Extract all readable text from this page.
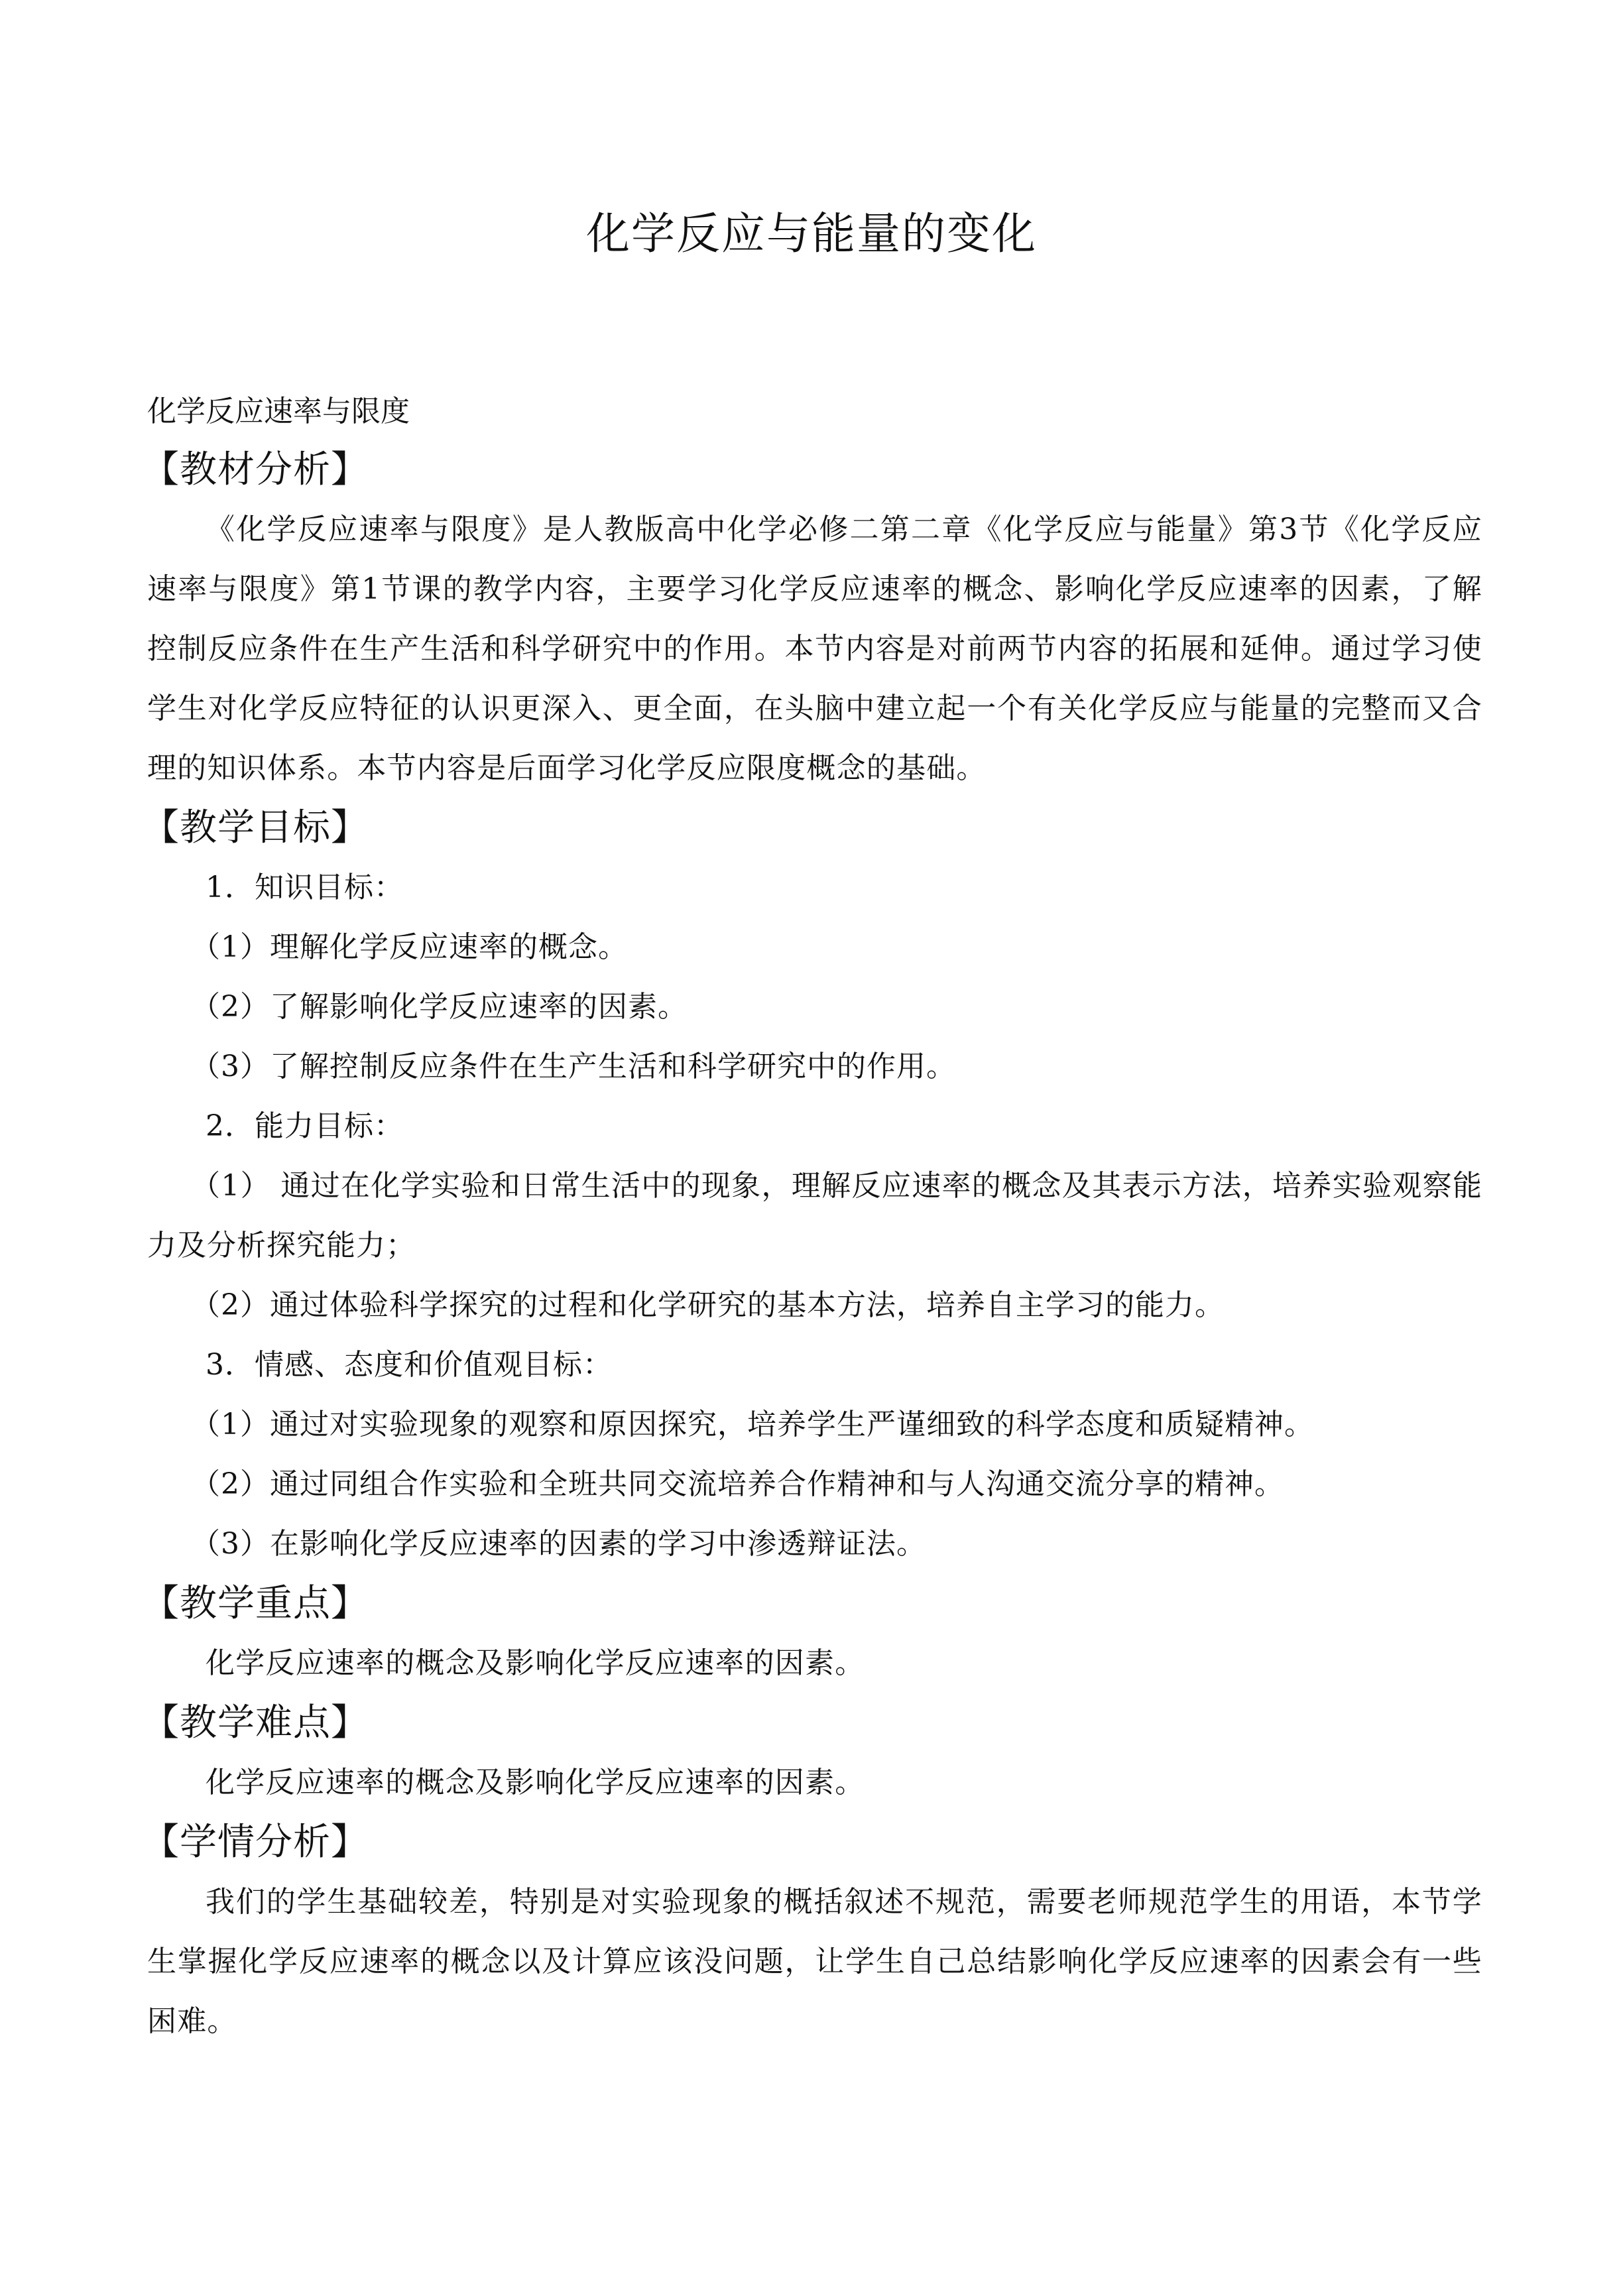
化学反应与能量的变化
化学反应速率与限度
【教材分析】

《化学反应速率与限度》是人教版高中化学必修二第二章《化学反应与能量》第3节《化学反应速率与限度》第1节课的教学内容，主要学习化学反应速率的概念、影响化学反应速率的因素，了解控制反应条件在生产生活和科学研究中的作用。本节内容是对前两节内容的拓展和延伸。通过学习使学生对化学反应特征的认识更深入、更全面，在头脑中建立起一个有关化学反应与能量的完整而又合理的知识体系。本节内容是后面学习化学反应限度概念的基础。

【教学目标】

1．知识目标：

（1）理解化学反应速率的概念。

（2）了解影响化学反应速率的因素。

（3）了解控制反应条件在生产生活和科学研究中的作用。

2．能力目标：

（1） 通过在化学实验和日常生活中的现象，理解反应速率的概念及其表示方法，培养实验观察能力及分析探究能力；

（2）通过体验科学探究的过程和化学研究的基本方法，培养自主学习的能力。

3．情感、态度和价值观目标：

（1）通过对实验现象的观察和原因探究，培养学生严谨细致的科学态度和质疑精神。

（2）通过同组合作实验和全班共同交流培养合作精神和与人沟通交流分享的精神。

（3）在影响化学反应速率的因素的学习中渗透辩证法。

【教学重点】

化学反应速率的概念及影响化学反应速率的因素。

【教学难点】

化学反应速率的概念及影响化学反应速率的因素。

【学情分析】

我们的学生基础较差，特别是对实验现象的概括叙述不规范，需要老师规范学生的用语，本节学生掌握化学反应速率的概念以及计算应该没问题，让学生自己总结影响化学反应速率的因素会有一些困难。
